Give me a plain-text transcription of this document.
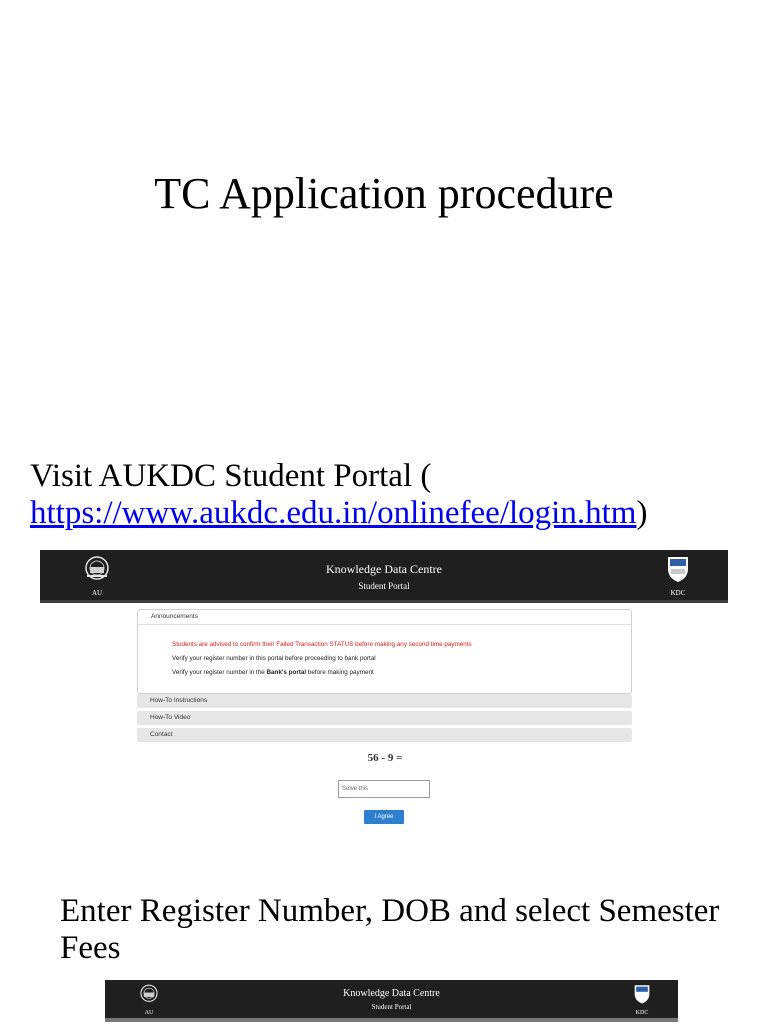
TC Application procedure
Visit AUKDC Student Portal (
https://www.aukdc.edu.in/onlinefee/login.htm)
AU
Knowledge Data Centre
Student Portal
KDC
Announcements
Students are advised to confirm their Failed Transaction STATUS before making any second time payments
Verify your register number in this portal before proceeding to bank portal
Verify your register number in the Bank's portal before making payment
How-To Instructions
How-To Video
Contact
56 - 9 =
Solve this
I Agree
Enter Register Number, DOB and select Semester Fees
AU
Knowledge Data Centre
Student Portal
KDC
